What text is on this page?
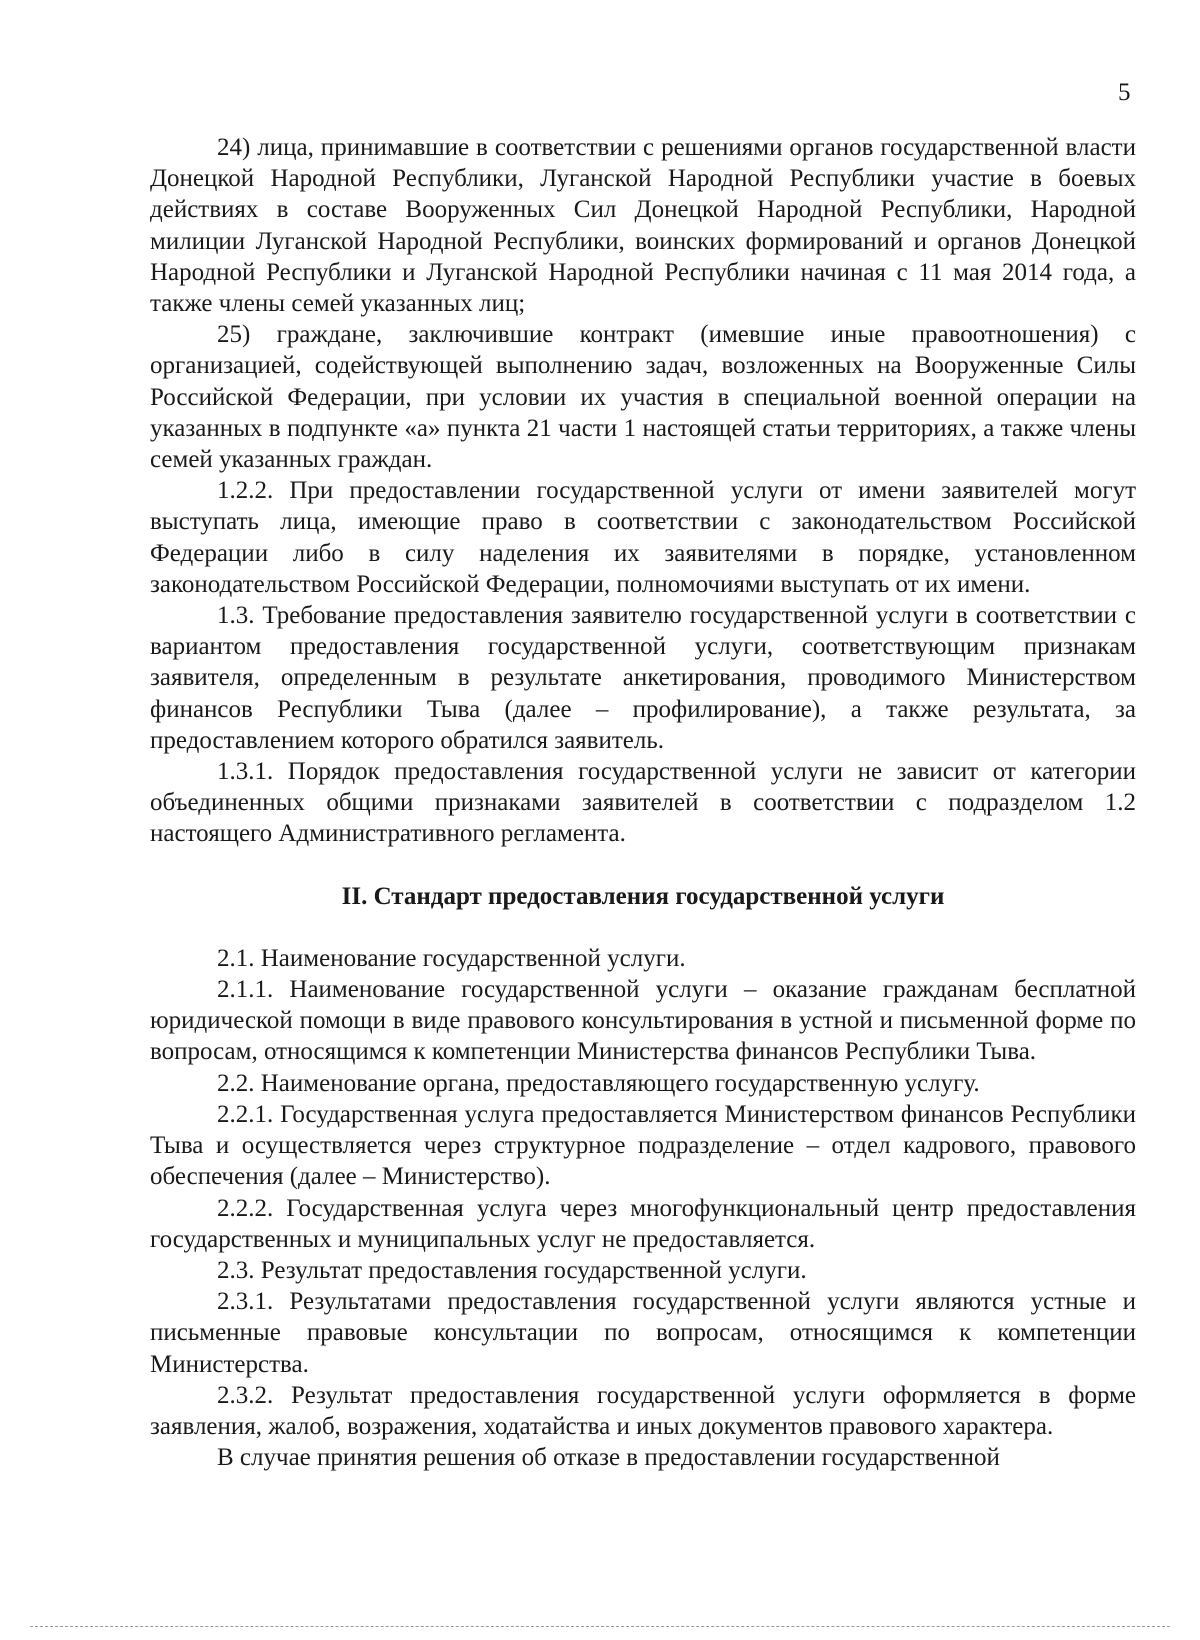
5

24) лица, принимавшие в соответствии с решениями органов государственной власти Донецкой Народной Республики, Луганской Народной Республики участие в боевых действиях в составе Вооруженных Сил Донецкой Народной Республики, Народной милиции Луганской Народной Республики, воинских формирований и органов Донецкой Народной Республики и Луганской Народной Республики начиная с 11 мая 2014 года, а также члены семей указанных лиц;

25) граждане, заключившие контракт (имевшие иные правоотношения) с организацией, содействующей выполнению задач, возложенных на Вооруженные Силы Российской Федерации, при условии их участия в специальной военной операции на указанных в подпункте «а» пункта 21 части 1 настоящей статьи территориях, а также члены семей указанных граждан.

1.2.2. При предоставлении государственной услуги от имени заявителей могут выступать лица, имеющие право в соответствии с законодательством Российской Федерации либо в силу наделения их заявителями в порядке, установленном законодательством Российской Федерации, полномочиями выступать от их имени.

1.3. Требование предоставления заявителю государственной услуги в соответствии с вариантом предоставления государственной услуги, соответствующим признакам заявителя, определенным в результате анкетирования, проводимого Министерством финансов Республики Тыва (далее – профилирование), а также результата, за предоставлением которого обратился заявитель.

1.3.1. Порядок предоставления государственной услуги не зависит от категории объединенных общими признаками заявителей в соответствии с подразделом 1.2 настоящего Административного регламента.

II. Стандарт предоставления государственной услуги

2.1. Наименование государственной услуги.

2.1.1. Наименование государственной услуги – оказание гражданам бесплатной юридической помощи в виде правового консультирования в устной и письменной форме по вопросам, относящимся к компетенции Министерства финансов Республики Тыва.

2.2. Наименование органа, предоставляющего государственную услугу.

2.2.1. Государственная услуга предоставляется Министерством финансов Республики Тыва и осуществляется через структурное подразделение – отдел кадрового, правового обеспечения (далее – Министерство).

2.2.2. Государственная услуга через многофункциональный центр предоставления государственных и муниципальных услуг не предоставляется.

2.3. Результат предоставления государственной услуги.

2.3.1. Результатами предоставления государственной услуги являются устные и письменные правовые консультации по вопросам, относящимся к компетенции Министерства.

2.3.2. Результат предоставления государственной услуги оформляется в форме заявления, жалоб, возражения, ходатайства и иных документов правового характера.

В случае принятия решения об отказе в предоставлении государственной
